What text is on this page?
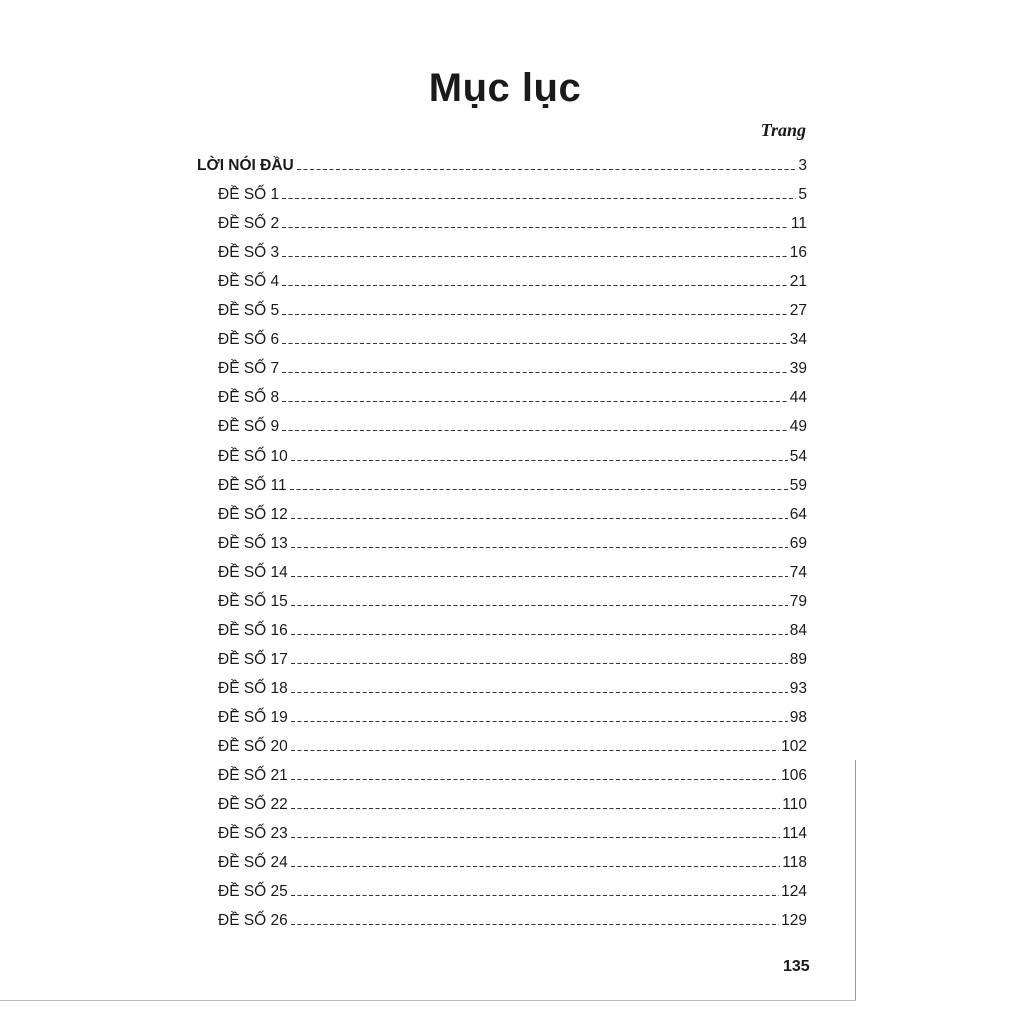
Mục lục
Trang
LỜI NÓI ĐẦU	3
ĐỀ SỐ 1	5
ĐỀ SỐ 2	11
ĐỀ SỐ 3	16
ĐỀ SỐ 4	21
ĐỀ SỐ 5	27
ĐỀ SỐ 6	34
ĐỀ SỐ 7	39
ĐỀ SỐ 8	44
ĐỀ SỐ 9	49
ĐỀ SỐ 10	54
ĐỀ SỐ 11	59
ĐỀ SỐ 12	64
ĐỀ SỐ 13	69
ĐỀ SỐ 14	74
ĐỀ SỐ 15	79
ĐỀ SỐ 16	84
ĐỀ SỐ 17	89
ĐỀ SỐ 18	93
ĐỀ SỐ 19	98
ĐỀ SỐ 20	102
ĐỀ SỐ 21	106
ĐỀ SỐ 22	110
ĐỀ SỐ 23	114
ĐỀ SỐ 24	118
ĐỀ SỐ 25	124
ĐỀ SỐ 26	129
135
